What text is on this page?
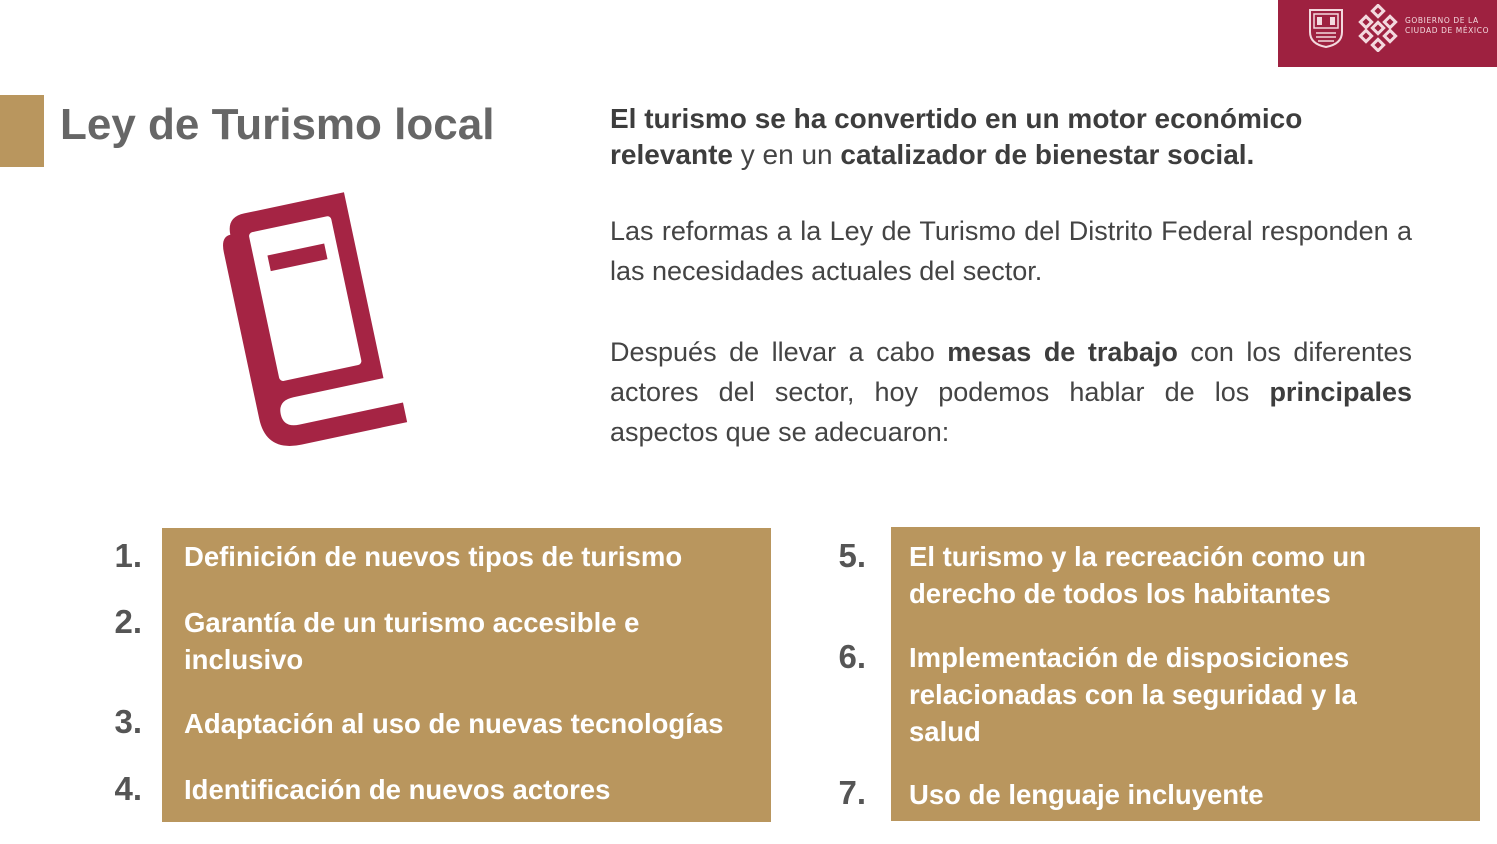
GOBIERNO DE LA
CIUDAD DE MÉXICO
Ley de Turismo local	El turismo se ha convertido en un motor económico relevante y en un catalizador de bienestar social.

Las reformas a la Ley de Turismo del Distrito Federal responden a las necesidades actuales del sector.

Después de llevar a cabo mesas de trabajo con los diferentes actores del sector, hoy podemos hablar de los principales aspectos que se adecuaron:

1. Definición de nuevos tipos de turismo

2. Garantía de un turismo accesible e inclusivo

3. Adaptación al uso de nuevas tecnologías

4. Identificación de nuevos actores

5. El turismo y la recreación como un derecho de todos los habitantes

6. Implementación de disposiciones relacionadas con la seguridad y la salud

7. Uso de lenguaje incluyente
